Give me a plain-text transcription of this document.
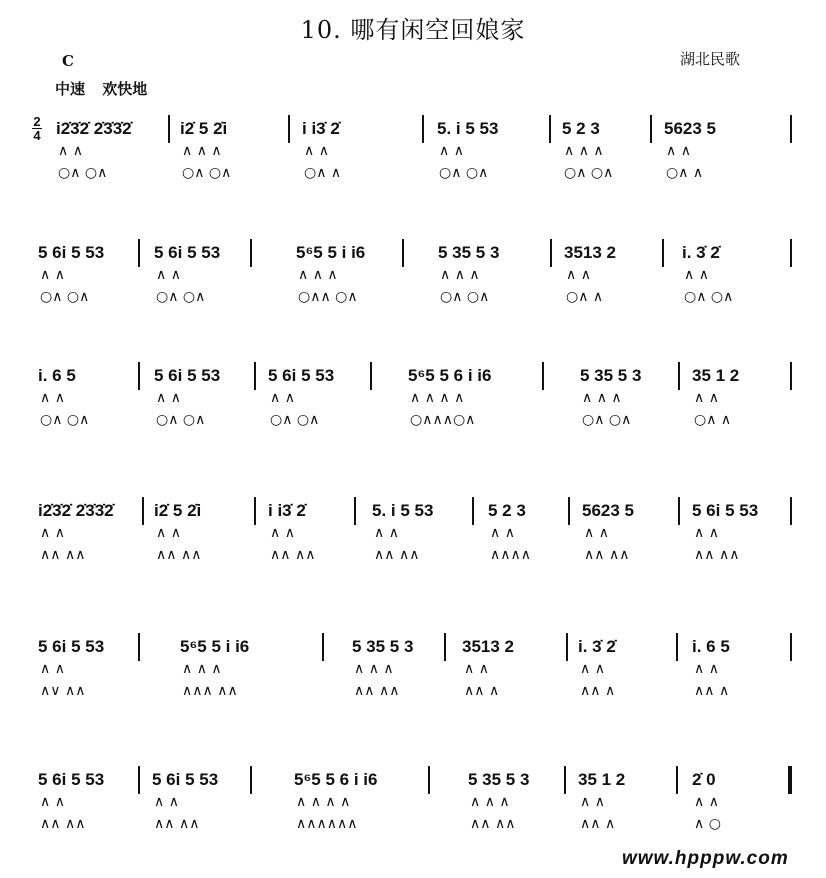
10. 哪有闲空回娘家
湖北民歌
C
中速 欢快地
2
4 i2̇3̇2̇ 2̇3̇3̇2̇	i2̇ 5 2̇i	i i3̇ 2̇	5. i 5 53	5 2 3	5623 5
∧ ∧	∧ ∧ ∧	∧ ∧	∧ ∧	∧ ∧ ∧	∧ ∧
○∧ ○∧	○∧ ○∧	○∧ ∧	○∧ ○∧	○∧ ○∧	○∧ ∧
5 6i 5 53	5 6i 5 53	5⁶5 5 i i6	5 35 5 3	3513 2	i. 3̇ 2̇
∧ ∧	∧ ∧	∧ ∧ ∧	∧ ∧ ∧	∧ ∧	∧ ∧
○∧ ○∧	○∧ ○∧	○∧∧ ○∧	○∧ ○∧	○∧ ∧	○∧ ○∧
i. 6 5	5 6i 5 53	5 6i 5 53	5⁶5 5 6 i i6	5 35 5 3	35 1 2
∧ ∧	∧ ∧	∧ ∧	∧ ∧ ∧ ∧	∧ ∧ ∧	∧ ∧
○∧ ○∧	○∧ ○∧	○∧ ○∧	○∧∧∧○∧	○∧ ○∧	○∧ ∧
i2̇3̇2̇ 2̇3̇3̇2̇ i2̇ 5 2̇i	i i3̇ 2̇	5. i 5 53	5 2 3	5623 5	5 6i 5 53
∧ ∧	∧ ∧	∧ ∧	∧ ∧	∧ ∧	∧ ∧	∧ ∧
∧∧ ∧∧	∧∧ ∧∧	∧∧ ∧∧	∧∧ ∧∧	∧∧∧∧	∧∧ ∧∧	∧∧ ∧∧
5 6i 5 53	5⁶5 5 i i6	5 35 5 3	3513 2	i. 3̇ 2̇	i. 6 5
∧ ∧	∧ ∧ ∧	∧ ∧ ∧	∧ ∧	∧ ∧	∧ ∧
∧∨ ∧∧	∧∧∧ ∧∧	∧∧ ∧∧	∧∧ ∧	∧∧ ∧	∧∧ ∧
5 6i 5 53	5 6i 5 53	5⁶5 5 6 i i6	5 35 5 3	35 1 2	2̇ 0
∧ ∧	∧ ∧	∧ ∧ ∧ ∧	∧ ∧ ∧	∧ ∧	∧ ∧
∧∧ ∧∧	∧∧ ∧∧	∧∧∧∧∧∧	∧∧ ∧∧	∧∧ ∧	∧ ○
www.hpppw.com
